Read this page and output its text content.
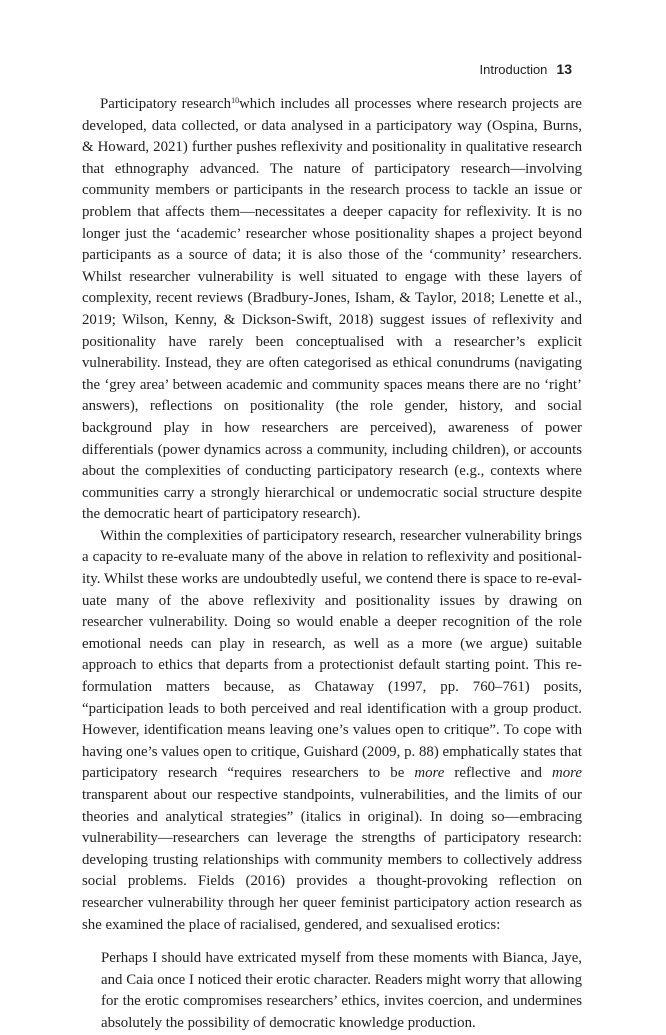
Introduction 13

Participatory research$^{10}$which includes all processes where research projects are developed, data collected, or data analysed in a participatory way (Ospina, Burns, & Howard, 2021) further pushes reflexivity and positionality in qualitative research that ethnography advanced. The nature of participatory research—involving community members or participants in the research process to tackle an issue or problem that affects them—necessitates a deeper capacity for reflexivity. It is no longer just the ‘academic’ researcher whose positionality shapes a project beyond participants as a source of data; it is also those of the ‘community’ researchers. Whilst researcher vulnerability is well situated to engage with these layers of complexity, recent reviews (Bradbury-Jones, Isham, & Taylor, 2018; Lenette et al., 2019; Wilson, Kenny, & Dickson-Swift, 2018) suggest issues of reflexivity and positionality have rarely been conceptualised with a researcher’s explicit vulnerability. Instead, they are often categorised as ethical conundrums (navigating the ‘grey area’ between academic and community spaces means there are no ‘right’ answers), reflections on positionality (the role gender, history, and social background play in how researchers are perceived), awareness of power differentials (power dynamics across a community, including children), or accounts about the complexities of conducting participatory research (e.g., contexts where communities carry a strongly hierarchical or undemocratic social structure despite the democratic heart of participatory research).

Within the complexities of participatory research, researcher vulnerability brings a capacity to re-evaluate many of the above in relation to reflexivity and positionality. Whilst these works are undoubtedly useful, we contend there is space to re-evaluate many of the above reflexivity and positionality issues by drawing on researcher vulnerability. Doing so would enable a deeper recognition of the role emotional needs can play in research, as well as a more (we argue) suitable approach to ethics that departs from a protectionist default starting point. This re-formulation matters because, as Chataway (1997, pp. 760–761) posits, “participation leads to both perceived and real identification with a group product. However, identification means leaving one’s values open to critique”. To cope with having one’s values open to critique, Guishard (2009, p. 88) emphatically states that participatory research “requires researchers to be more reflective and more transparent about our respective standpoints, vulnerabilities, and the limits of our theories and analytical strategies” (italics in original). In doing so—embracing vulnerability—researchers can leverage the strengths of participatory research: developing trusting relationships with community members to collectively address social problems. Fields (2016) provides a thought-provoking reflection on researcher vulnerability through her queer feminist participatory action research as she examined the place of racialised, gendered, and sexualised erotics:

Perhaps I should have extricated myself from these moments with Bianca, Jaye, and Caia once I noticed their erotic character. Readers might worry that allowing for the erotic compromises researchers’ ethics, invites coercion, and undermines absolutely the possibility of democratic knowledge production.
